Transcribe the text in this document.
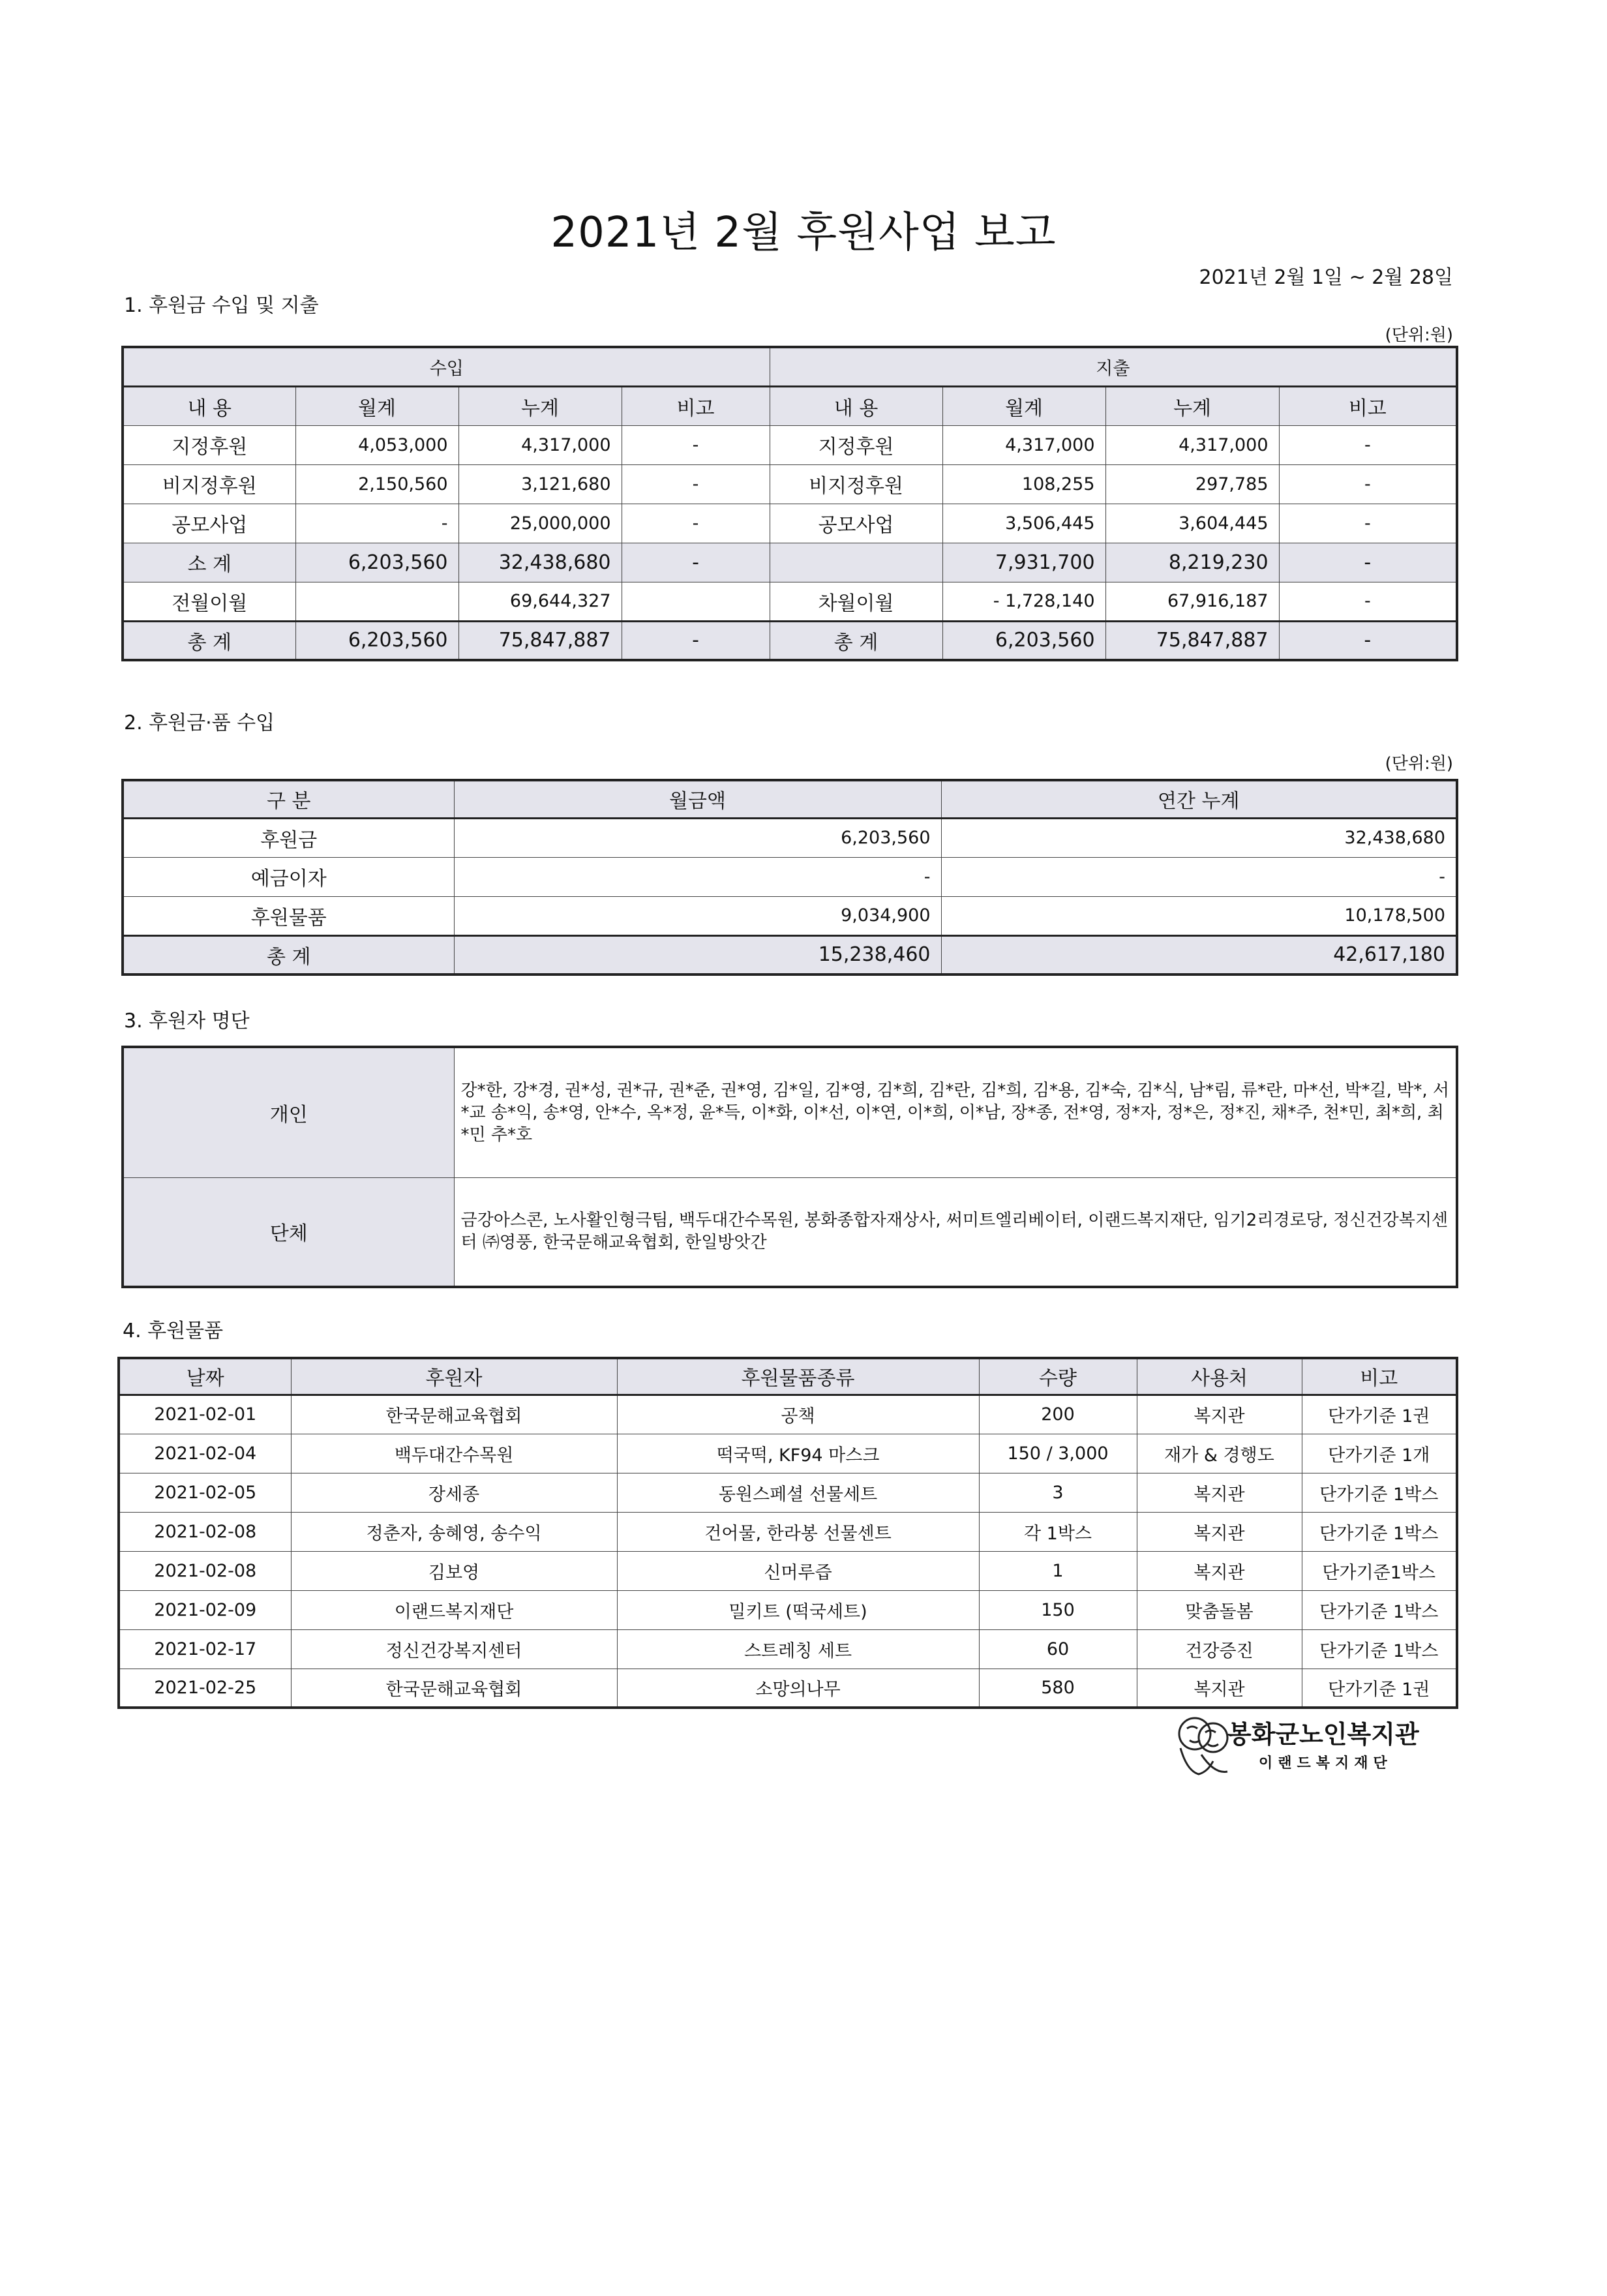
2021년 2월 후원사업 보고
2021년 2월 1일 ~ 2월 28일
1. 후원금 수입 및 지출
(단위:원)
수입				지출			
내 용	월계	누계	비고	내 용	월계	누계	비고
지정후원	4,053,000	4,317,000	-	지정후원	4,317,000	4,317,000	-
비지정후원	2,150,560	3,121,680	-	비지정후원	108,255	297,785	-
공모사업	-	25,000,000	-	공모사업	3,506,445	3,604,445	-
소 계	6,203,560	32,438,680	-		7,931,700	8,219,230	-
전월이월		69,644,327		차월이월	- 1,728,140	67,916,187	-
총 계	6,203,560	75,847,887	-	총 계	6,203,560	75,847,887	-
2. 후원금·품 수입
(단위:원)
구 분	월금액	연간 누계
후원금	6,203,560	32,438,680
예금이자	-	-
후원물품	9,034,900	10,178,500
총 계	15,238,460	42,617,180
3. 후원자 명단
개인	강*한, 강*경, 권*성, 권*규, 권*준, 권*영, 김*일, 김*영, 김*희, 김*란, 김*희, 김*용, 김*숙, 김*식, 남*림, 류*란, 마*선, 박*길, 박*, 서*교 송*익, 송*영, 안*수, 옥*정, 윤*득, 이*화, 이*선, 이*연, 이*희, 이*남, 장*종, 전*영, 정*자, 정*은, 정*진, 채*주, 천*민, 최*희, 최*민 추*호
단체	금강아스콘, 노사활인형극팀, 백두대간수목원, 봉화종합자재상사, 써미트엘리베이터, 이랜드복지재단, 임기2리경로당, 정신건강복지센터 ㈜영풍, 한국문해교육협회, 한일방앗간
4. 후원물품
날짜	후원자	후원물품종류	수량	사용처	비고
2021-02-01	한국문해교육협회	공책	200	복지관	단가기준 1권
2021-02-04	백두대간수목원	떡국떡, KF94 마스크	150 / 3,000	재가 & 경행도	단가기준 1개
2021-02-05	장세종	동원스페셜 선물세트	3	복지관	단가기준 1박스
2021-02-08	정춘자, 송혜영, 송수익	건어물, 한라봉 선물센트	각 1박스	복지관	단가기준 1박스
2021-02-08	김보영	신머루즙	1	복지관	단가기준1박스
2021-02-09	이랜드복지재단	밀키트 (떡국세트)	150	맞춤돌봄	단가기준 1박스
2021-02-17	정신건강복지센터	스트레칭 세트	60	건강증진	단가기준 1박스
2021-02-25	한국문해교육협회	소망의나무	580	복지관	단가기준 1권
봉화군노인복지관
이랜드복지재단
